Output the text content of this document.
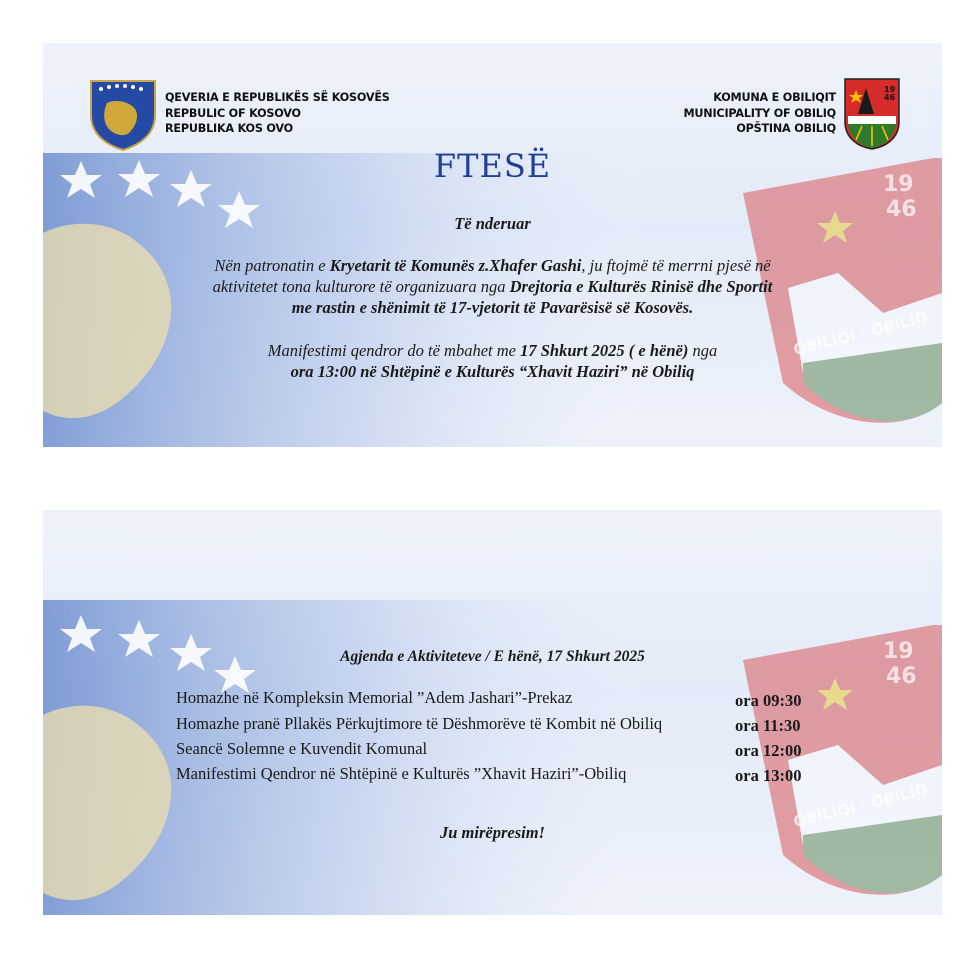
19
46
OBILIQI - OBILIQ
QEVERIA E REPUBLIKËS SË KOSOVËS
REPBULIC OF KOSOVO
REPUBLIKA KOS OVO
19
46
KOMUNA E OBILIQIT
MUNICIPALITY OF OBILIQ
OPŠTINA OBILIQ
FTESË
Të nderuar
Nën patronatin e Kryetarit të Komunës z.Xhafer Gashi, ju ftojmë të merrni pjesë në
aktivitetet tona kulturore të organizuara nga Drejtoria e Kulturës Rinisë dhe Sportit
me rastin e shënimit të 17-vjetorit të Pavarësisë së Kosovës.
Manifestimi qendror do të mbahet me 17 Shkurt 2025 ( e hënë) nga
ora 13:00 në Shtëpinë e Kulturës “Xhavit Haziri” në Obiliq
19
46
OBILIQI - OBILIQ
Agjenda e Aktiviteteve / E hënë, 17 Shkurt 2025
Homazhe në Kompleksin Memorial ”Adem Jashari”-Prekaz	ora 09:30
Homazhe pranë Pllakës Përkujtimore të Dëshmorëve të Kombit në Obiliq	ora 11:30
Seancë Solemne e Kuvendit Komunal	ora 12:00
Manifestimi Qendror në Shtëpinë e Kulturës ”Xhavit Haziri”-Obiliq	ora 13:00
Ju mirëpresim!
